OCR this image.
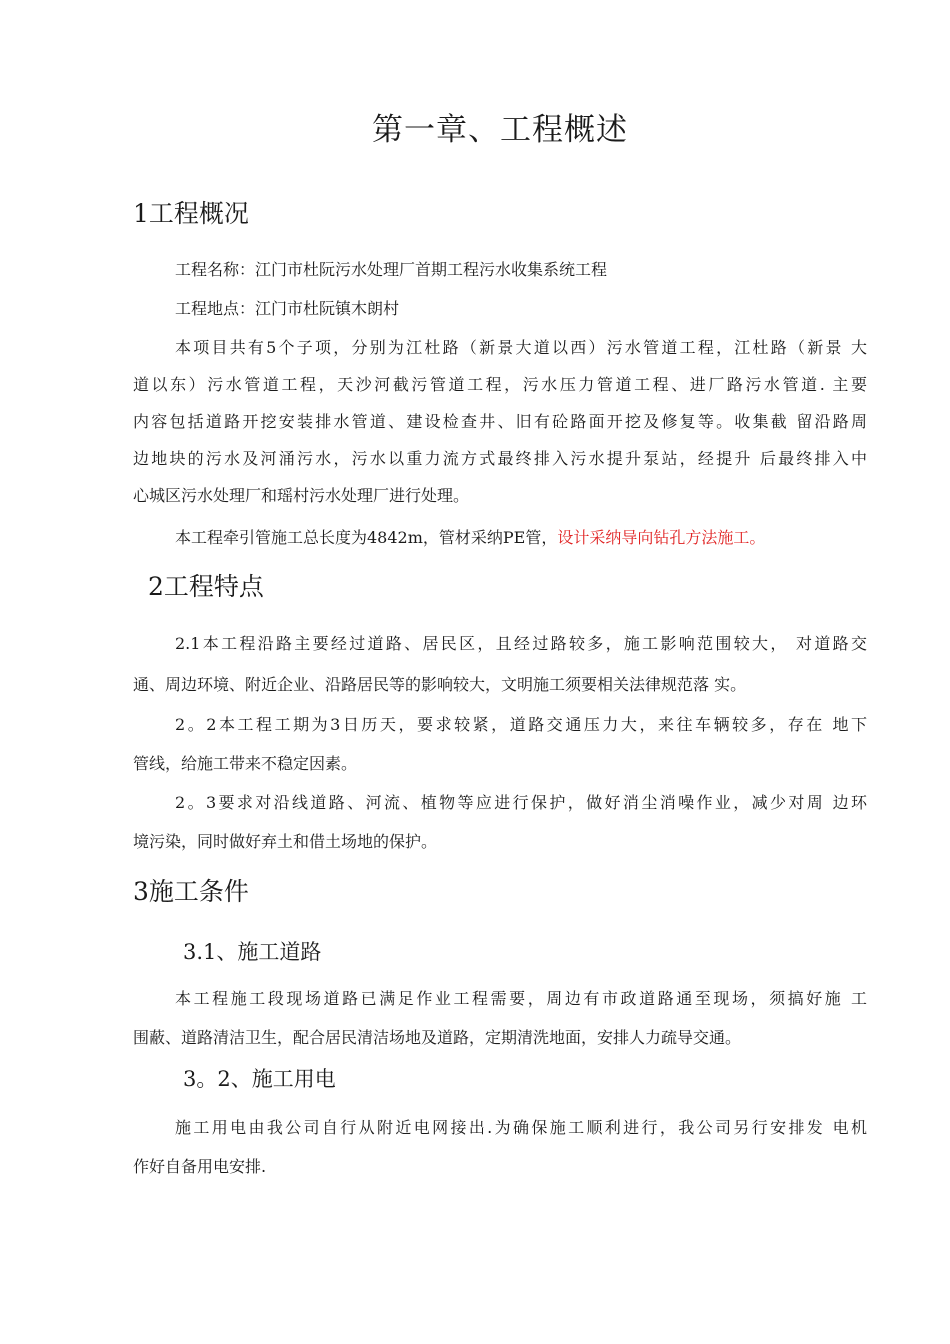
第一章、工程概述
1工程概况

工程名称：江门市杜阮污水处理厂首期工程污水收集系统工程

工程地点：江门市杜阮镇木朗村

本项目共有5个子项，分别为江杜路（新景大道以西）污水管道工程，江杜路（新景 大

道以东）污水管道工程，天沙河截污管道工程，污水压力管道工程、进厂路污水管道. 主要

内容包括道路开挖安装排水管道、建设检查井、旧有砼路面开挖及修复等。收集截 留沿路周

边地块的污水及河涌污水，污水以重力流方式最终排入污水提升泵站，经提升 后最终排入中

心城区污水处理厂和瑶村污水处理厂进行处理。

本工程牵引管施工总长度为4842m，管材采纳PE管，设计采纳导向钻孔方法施工。

2工程特点

2.1本工程沿路主要经过道路、居民区，且经过路较多，施工影响范围较大， 对道路交

通、周边环境、附近企业、沿路居民等的影响较大，文明施工须要相关法律规范落 实。

2。2本工程工期为3日历天，要求较紧，道路交通压力大，来往车辆较多，存在 地下

管线，给施工带来不稳定因素。

2。3要求对沿线道路、河流、植物等应进行保护，做好消尘消噪作业，减少对周 边环

境污染，同时做好弃土和借土场地的保护。

3施工条件
3.1、施工道路

本工程施工段现场道路已满足作业工程需要，周边有市政道路通至现场，须搞好施 工

围蔽、道路清洁卫生，配合居民清洁场地及道路，定期清洗地面，安排人力疏导交通。

3。2、施工用电

施工用电由我公司自行从附近电网接出.为确保施工顺利进行，我公司另行安排发 电机

作好自备用电安排.
